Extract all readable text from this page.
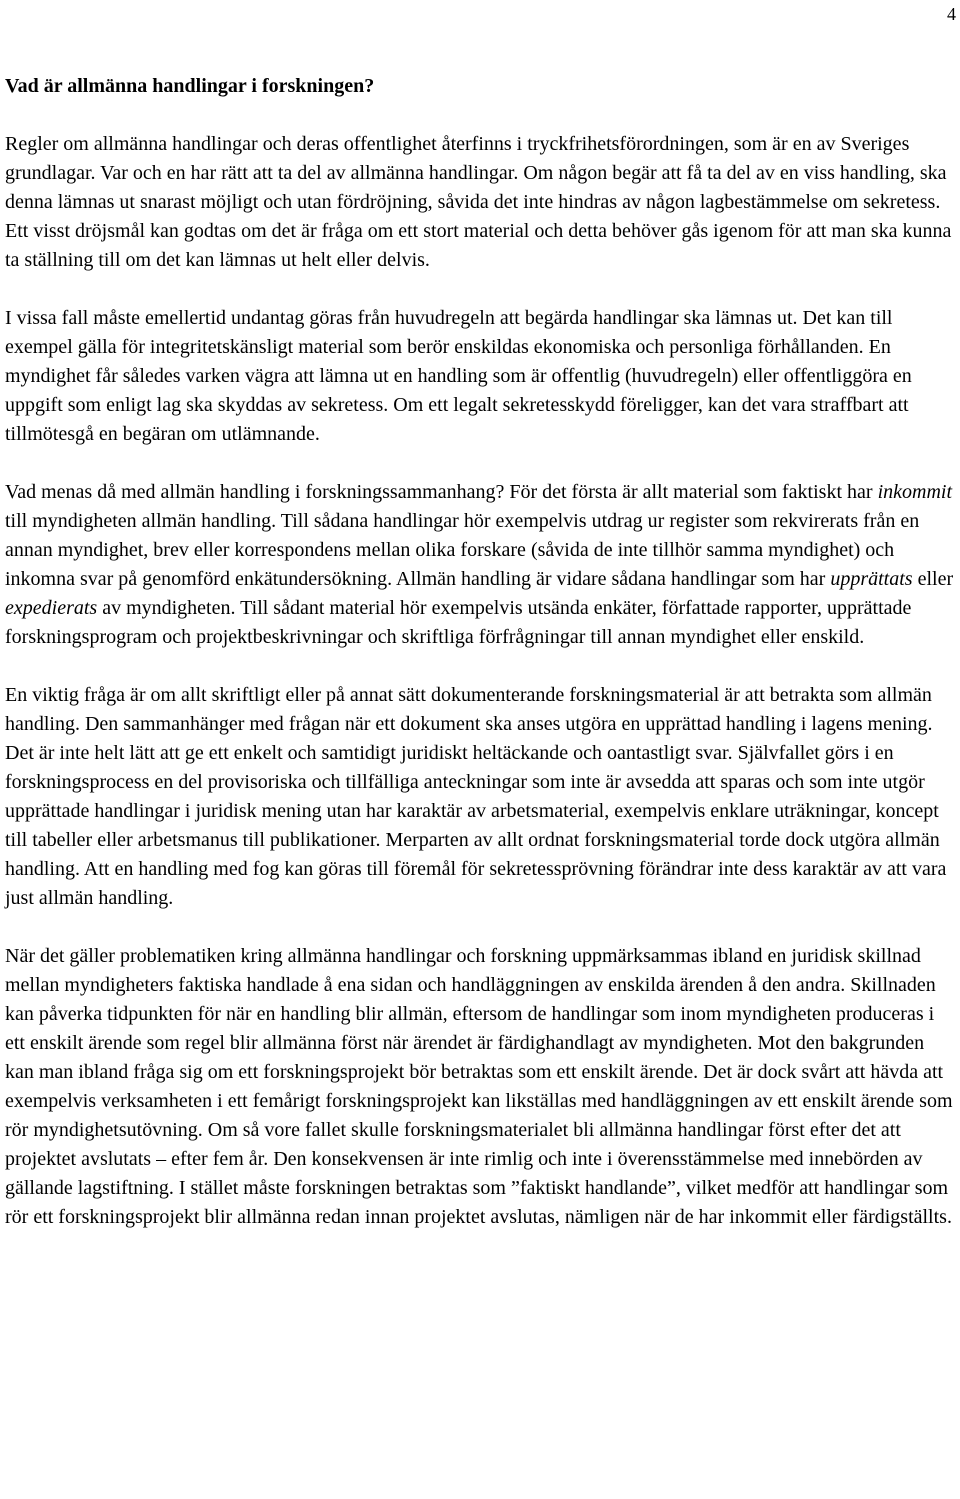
4
Vad är allmänna handlingar i forskningen?

Regler om allmänna handlingar och deras offentlighet återfinns i tryckfrihetsförordningen, som är en av Sveriges grundlagar. Var och en har rätt att ta del av allmänna handlingar. Om någon begär att få ta del av en viss handling, ska denna lämnas ut snarast möjligt och utan fördröjning, såvida det inte hindras av någon lagbestämmelse om sekretess. Ett visst dröjsmål kan godtas om det är fråga om ett stort material och detta behöver gås igenom för att man ska kunna ta ställning till om det kan lämnas ut helt eller delvis.

I vissa fall måste emellertid undantag göras från huvudregeln att begärda handlingar ska lämnas ut. Det kan till exempel gälla för integritetskänsligt material som berör enskildas ekonomiska och personliga förhållanden. En myndighet får således varken vägra att lämna ut en handling som är offentlig (huvudregeln) eller offentliggöra en uppgift som enligt lag ska skyddas av sekretess. Om ett legalt sekretesskydd föreligger, kan det vara straffbart att tillmötesgå en begäran om utlämnande.

Vad menas då med allmän handling i forskningssammanhang? För det första är allt material som faktiskt har inkommit till myndigheten allmän handling. Till sådana handlingar hör exempelvis utdrag ur register som rekvirerats från en annan myndighet, brev eller korrespondens mellan olika forskare (såvida de inte tillhör samma myndighet) och inkomna svar på genomförd enkätundersökning. Allmän handling är vidare sådana handlingar som har upprättats eller expedierats av myndigheten. Till sådant material hör exempelvis utsända enkäter, författade rapporter, upprättade forskningsprogram och projektbeskrivningar och skriftliga förfrågningar till annan myndighet eller enskild.

En viktig fråga är om allt skriftligt eller på annat sätt dokumenterande forskningsmaterial är att betrakta som allmän handling. Den sammanhänger med frågan när ett dokument ska anses utgöra en upprättad handling i lagens mening. Det är inte helt lätt att ge ett enkelt och samtidigt juridiskt heltäckande och oantastligt svar. Självfallet görs i en forskningsprocess en del provisoriska och tillfälliga anteckningar som inte är avsedda att sparas och som inte utgör upprättade handlingar i juridisk mening utan har karaktär av arbetsmaterial, exempelvis enklare uträkningar, koncept till tabeller eller arbetsmanus till publikationer. Merparten av allt ordnat forskningsmaterial torde dock utgöra allmän handling. Att en handling med fog kan göras till föremål för sekretessprövning förändrar inte dess karaktär av att vara just allmän handling.

När det gäller problematiken kring allmänna handlingar och forskning uppmärksammas ibland en juridisk skillnad mellan myndigheters faktiska handlade å ena sidan och handläggningen av enskilda ärenden å den andra. Skillnaden kan påverka tidpunkten för när en handling blir allmän, eftersom de handlingar som inom myndigheten produceras i ett enskilt ärende som regel blir allmänna först när ärendet är färdighandlagt av myndigheten. Mot den bakgrunden kan man ibland fråga sig om ett forskningsprojekt bör betraktas som ett enskilt ärende. Det är dock svårt att hävda att exempelvis verksamheten i ett femårigt forskningsprojekt kan likställas med handläggningen av ett enskilt ärende som rör myndighetsutövning. Om så vore fallet skulle forskningsmaterialet bli allmänna handlingar först efter det att projektet avslutats – efter fem år. Den konsekvensen är inte rimlig och inte i överensstämmelse med innebörden av gällande lagstiftning. I stället måste forskningen betraktas som ”faktiskt handlande”, vilket medför att handlingar som rör ett forskningsprojekt blir allmänna redan innan projektet avslutas, nämligen när de har inkommit eller färdigställts.
